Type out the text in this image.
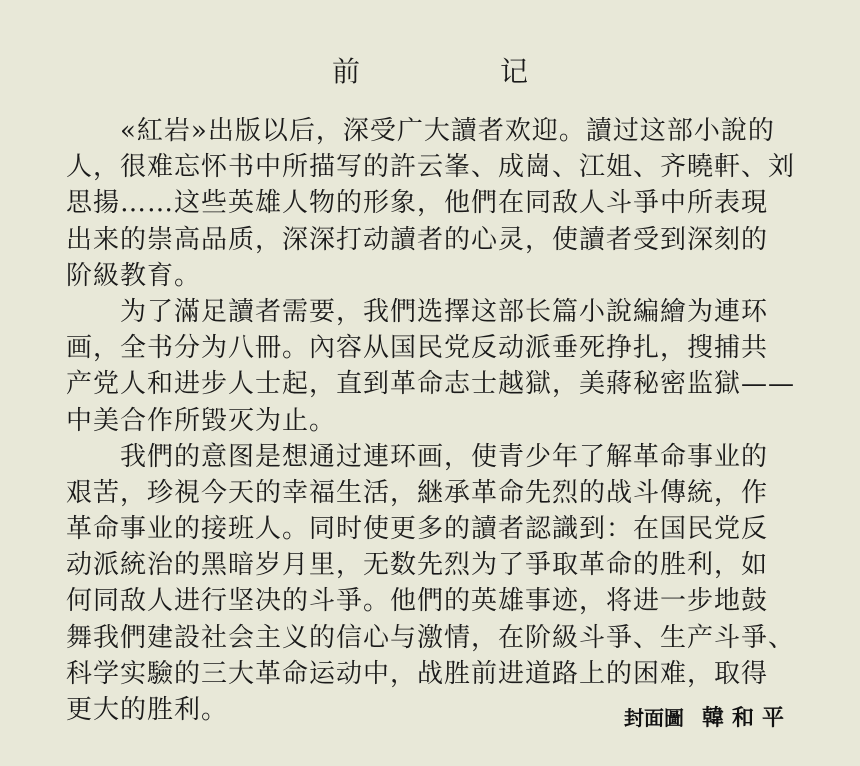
前　记
　　«紅岩»出版以后，深受广大讀者欢迎。讀过这部小說的
人，很难忘怀书中所描写的許云峯、成崗、江姐、齐曉軒、刘
思揚……这些英雄人物的形象，他們在同敌人斗爭中所表現
出来的崇高品质，深深打动讀者的心灵，使讀者受到深刻的
阶級教育。
　　为了滿足讀者需要，我們选擇这部长篇小說編繪为連环
画，全书分为八冊。內容从国民党反动派垂死挣扎，搜捕共
产党人和进步人士起，直到革命志士越獄，美蔣秘密监獄——
中美合作所毀灭为止。
　　我們的意图是想通过連环画，使青少年了解革命事业的
艰苦，珍視今天的幸福生活，継承革命先烈的战斗傳統，作
革命事业的接班人。同时使更多的讀者認識到：在国民党反
动派統治的黑暗岁月里，无数先烈为了爭取革命的胜利，如
何同敌人进行坚决的斗爭。他們的英雄事迹，将进一步地鼓
舞我們建設社会主义的信心与激情，在阶級斗爭、生产斗爭、
科学实驗的三大革命运动中，战胜前进道路上的困难，取得
更大的胜利。	封面圖 韓和平
